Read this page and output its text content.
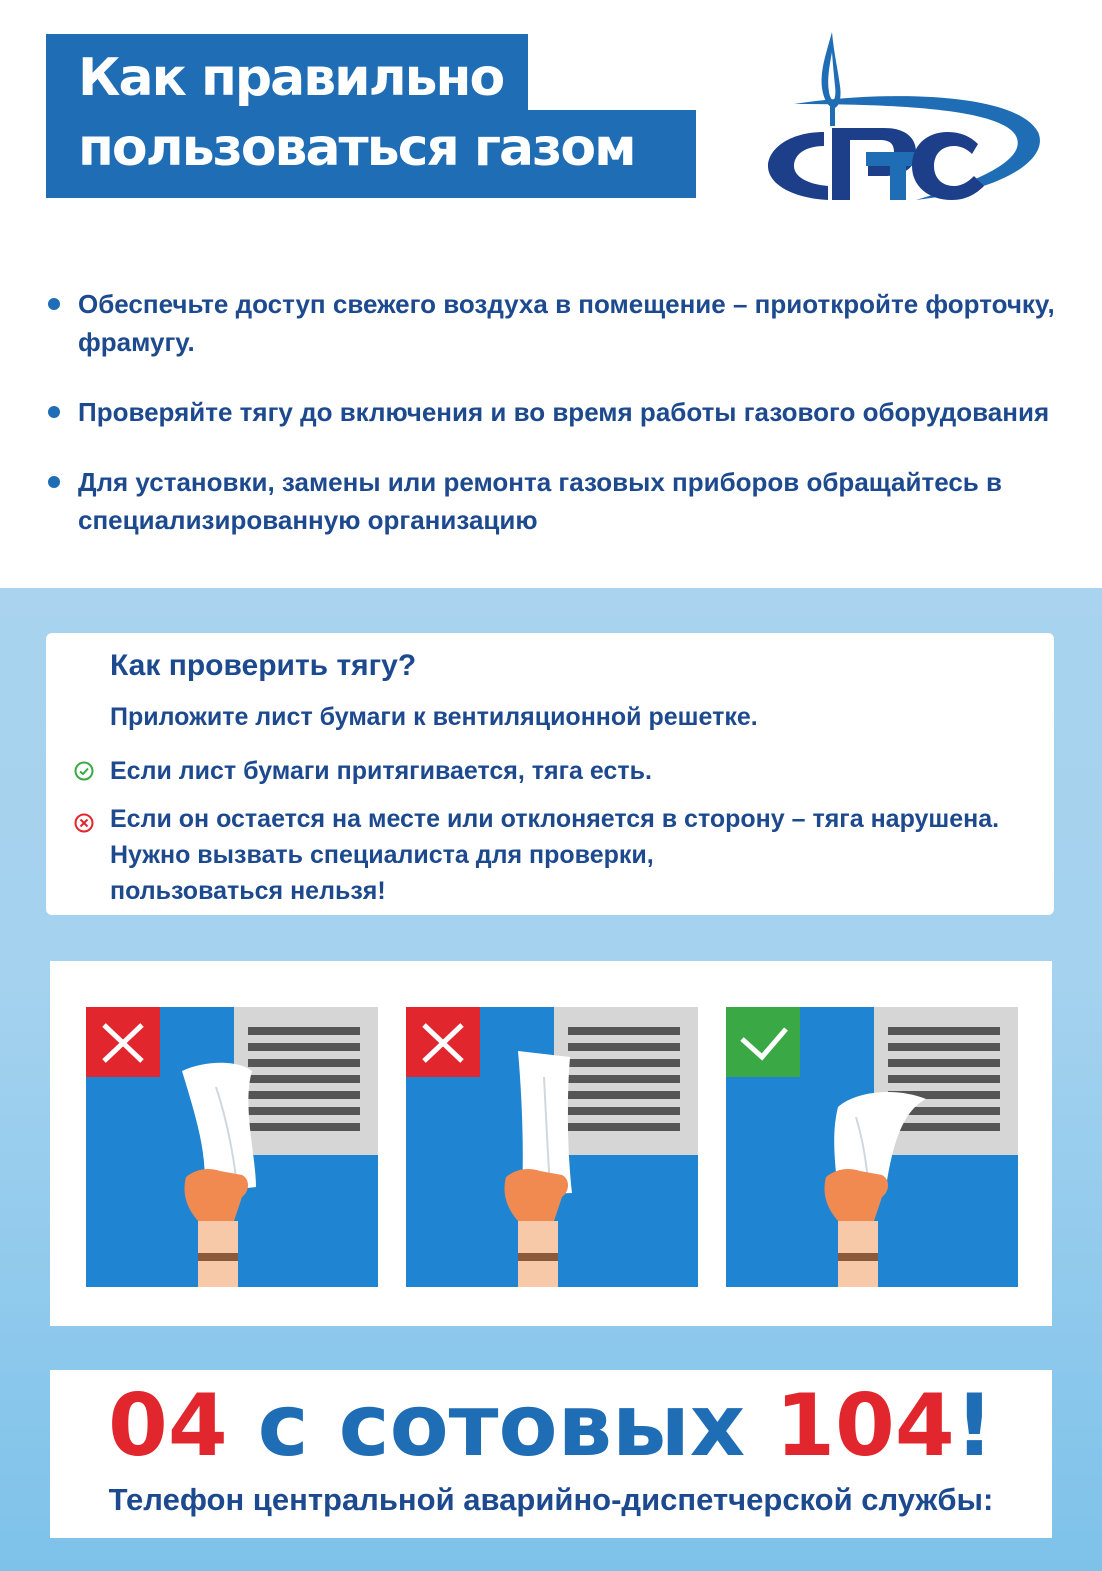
Как правильно
пользоваться газом
Обеспечьте доступ свежего воздуха в помещение – приоткройте форточку, фрамугу.
Проверяйте тягу до включения и во время работы газового оборудования
Для установки, замены или ремонта газовых приборов обращайтесь в специализированную организацию
Как проверить тягу?
Приложите лист бумаги к вентиляционной решетке.
Если лист бумаги притягивается, тяга есть.
Если он остается на месте или отклоняется в сторону – тяга нарушена.
Нужно вызвать специалиста для проверки,
пользоваться нельзя!
04 с сотовых 104!
Телефон центральной аварийно-диспетчерской службы:
